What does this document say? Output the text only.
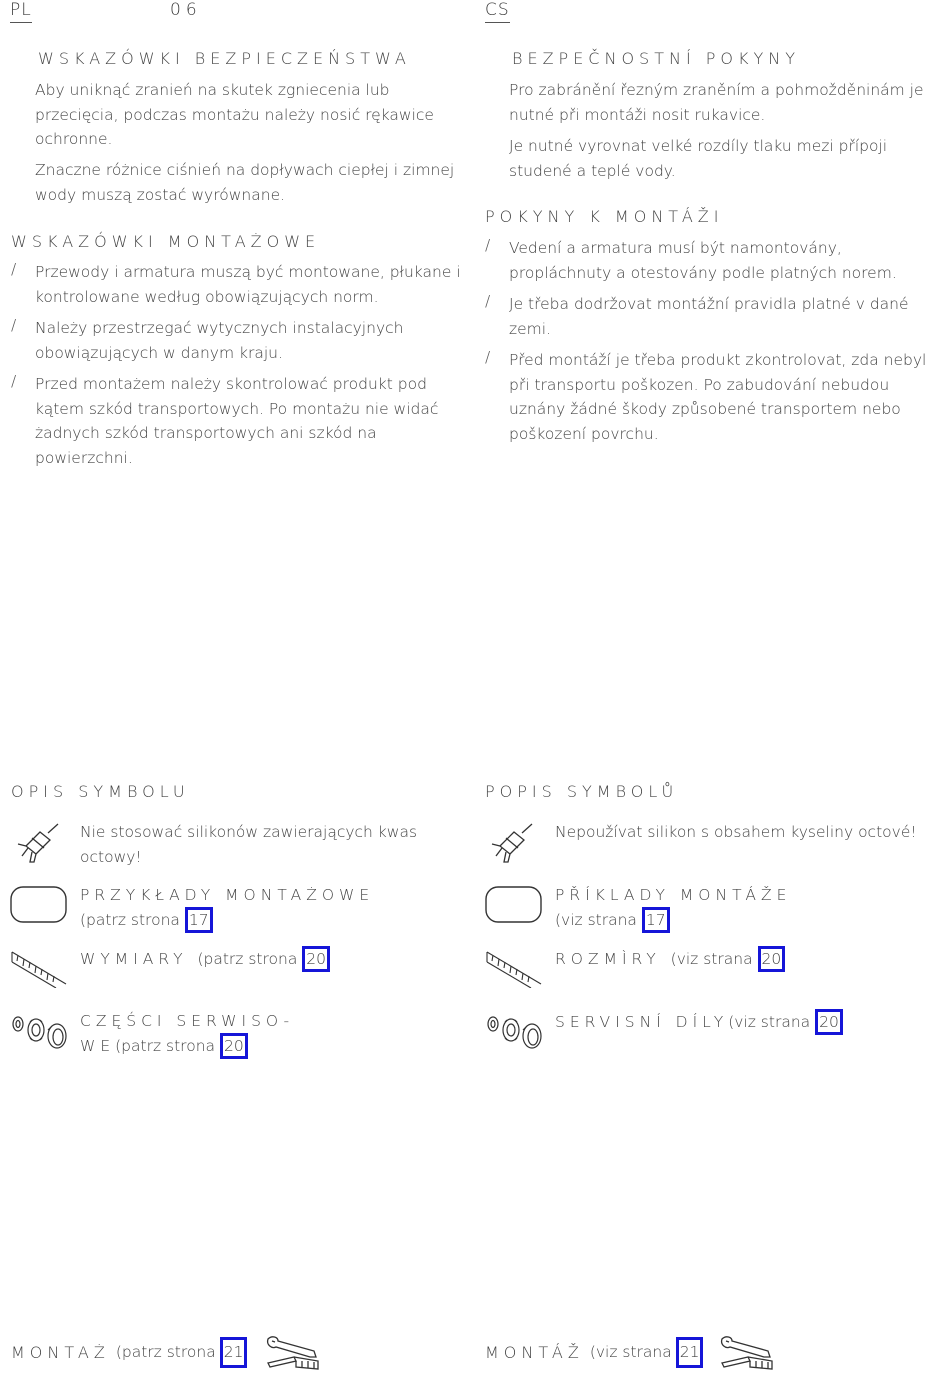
PL	06	CS
WSKAZÓWKI BEZPIECZEŃSTWA
Aby uniknąć zranień na skutek zgniecenia lub przecięcia, podczas montażu należy nosić rękawice ochronne.
Znaczne różnice ciśnień na dopływach ciepłej i zimnej wody muszą zostać wyrównane.
WSKAZÓWKI MONTAŻOWE
/ Przewody i armatura muszą być montowane, płukane i kontrolowane według obowiązujących norm.
/ Należy przestrzegać wytycznych instalacyjnych obowiązujących w danym kraju.
/ Przed montażem należy skontrolować produkt pod kątem szkód transportowych. Po montażu nie widać żadnych szkód transportowych ani szkód na powierzchni.
BEZPEČNOSTNÍ POKYNY
Pro zabránění řezným zraněním a pohmožděninám je nutné při montáži nosit rukavice.
Je nutné vyrovnat velké rozdíly tlaku mezi přípoji studené a teplé vody.
POKYNY K MONTÁŽI
/ Vedení a armatura musí být namontovány, propláchnuty a otestovány podle platných norem.
/ Je třeba dodržovat montážní pravidla platné v dané zemi.
/ Před montáží je třeba produkt zkontrolovat, zda nebyl při transportu poškozen. Po zabudování nebudou uznány žádné škody způsobené transportem nebo poškození povrchu.
OPIS SYMBOLU
Nie stosować silikonów zawierających kwas octowy!
PRZYKŁADY MONTAŻOWE
(patrz strona 17
WYMIARY (patrz strona 20
CZĘŚCI SERWISO-
WE(patrz strona 20
POPIS SYMBOLŮ
Nepoužívat silikon s obsahem kyseliny octové!
PŘÍKLADY MONTÁŽE
(viz strana 17
ROZMÌRY (viz strana 20
SERVISNÍ DÍLY(viz strana 20
MONTAŻ (patrz strona 21	MONTÁŽ (viz strana 21
